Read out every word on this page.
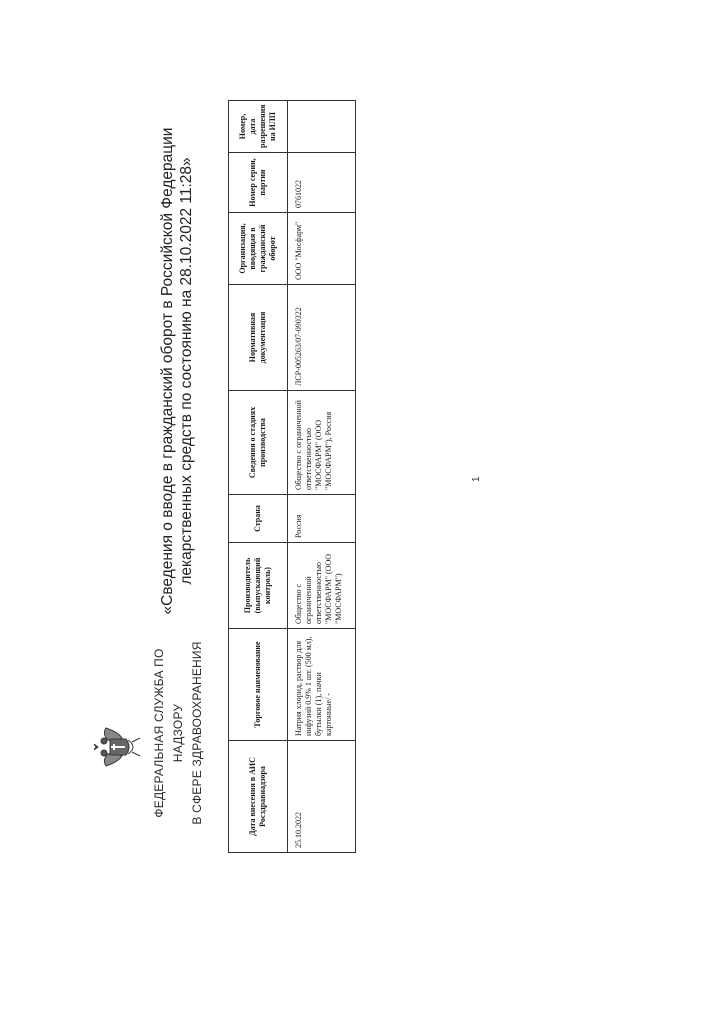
ФЕДЕРАЛЬНАЯ СЛУЖБА ПО НАДЗОРУ В СФЕРЕ ЗДРАВООХРАНЕНИЯ
«Сведения о вводе в гражданский оборот в Российской Федерации лекарственных средств по состоянию на 28.10.2022 11:28»
Дата внесения в АИС Росздравнадзора	Торговое наименование	Производитель (выпускающий контроль)	Страна	Сведения о стадиях производства	Нормативная документация	Организация, вводящая в гражданский оборот	Номер серии, партии	Номер, дата разрешения на ИЛП
25.10.2022	Натрия хлорид, раствор для инфузий 0.9% 1 шт. (500 мл), бутылки (1), пачки картонные/ -	Общество с ограниченной ответственностью "МОСФАРМ" (ООО "МОСФАРМ")	Россия	Общество с ограниченной ответственностью "МОСФАРМ" (ООО "МОСФАРМ"), Россия	ЛСР-005263/07-090322	ООО "Мосфарм"	0761022	
1
